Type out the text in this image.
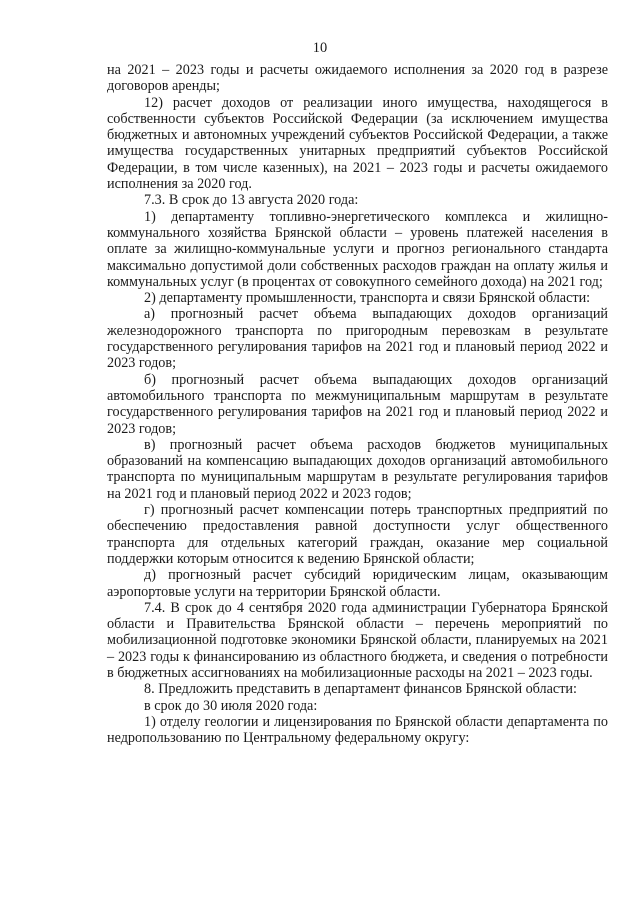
10

на 2021 – 2023 годы и расчеты ожидаемого исполнения за 2020 год в разрезе договоров аренды;

12) расчет доходов от реализации иного имущества, находящегося в собственности субъектов Российской Федерации (за исключением имущества бюджетных и автономных учреждений субъектов Российской Федерации, а также имущества государственных унитарных предприятий субъектов Российской Федерации, в том числе казенных), на 2021 – 2023 годы и расчеты ожидаемого исполнения за 2020 год.

7.3. В срок до 13 августа 2020 года:

1) департаменту топливно-энергетического комплекса и жилищно-коммунального хозяйства Брянской области – уровень платежей населения в оплате за жилищно-коммунальные услуги и прогноз регионального стандарта максимально допустимой доли собственных расходов граждан на оплату жилья и коммунальных услуг (в процентах от совокупного семейного дохода) на 2021 год;

2) департаменту промышленности, транспорта и связи Брянской области:

а) прогнозный расчет объема выпадающих доходов организаций железнодорожного транспорта по пригородным перевозкам в результате государственного регулирования тарифов на 2021 год и плановый период 2022 и 2023 годов;

б) прогнозный расчет объема выпадающих доходов организаций автомобильного транспорта по межмуниципальным маршрутам в результате государственного регулирования тарифов на 2021 год и плановый период 2022 и 2023 годов;

в) прогнозный расчет объема расходов бюджетов муниципальных образований на компенсацию выпадающих доходов организаций автомобильного транспорта по муниципальным маршрутам в результате регулирования тарифов на 2021 год и плановый период 2022 и 2023 годов;

г) прогнозный расчет компенсации потерь транспортных предприятий по обеспечению предоставления равной доступности услуг общественного транспорта для отдельных категорий граждан, оказание мер социальной поддержки которым относится к ведению Брянской области;

д) прогнозный расчет субсидий юридическим лицам, оказывающим аэропортовые услуги на территории Брянской области.

7.4. В срок до 4 сентября 2020 года администрации Губернатора Брянской области и Правительства Брянской области – перечень мероприятий по мобилизационной подготовке экономики Брянской области, планируемых на 2021 – 2023 годы к финансированию из областного бюджета, и сведения о потребности в бюджетных ассигнованиях на мобилизационные расходы на 2021 – 2023 годы.

8. Предложить представить в департамент финансов Брянской области:

в срок до 30 июля 2020 года:

1) отделу геологии и лицензирования по Брянской области департамента по недропользованию по Центральному федеральному округу:
